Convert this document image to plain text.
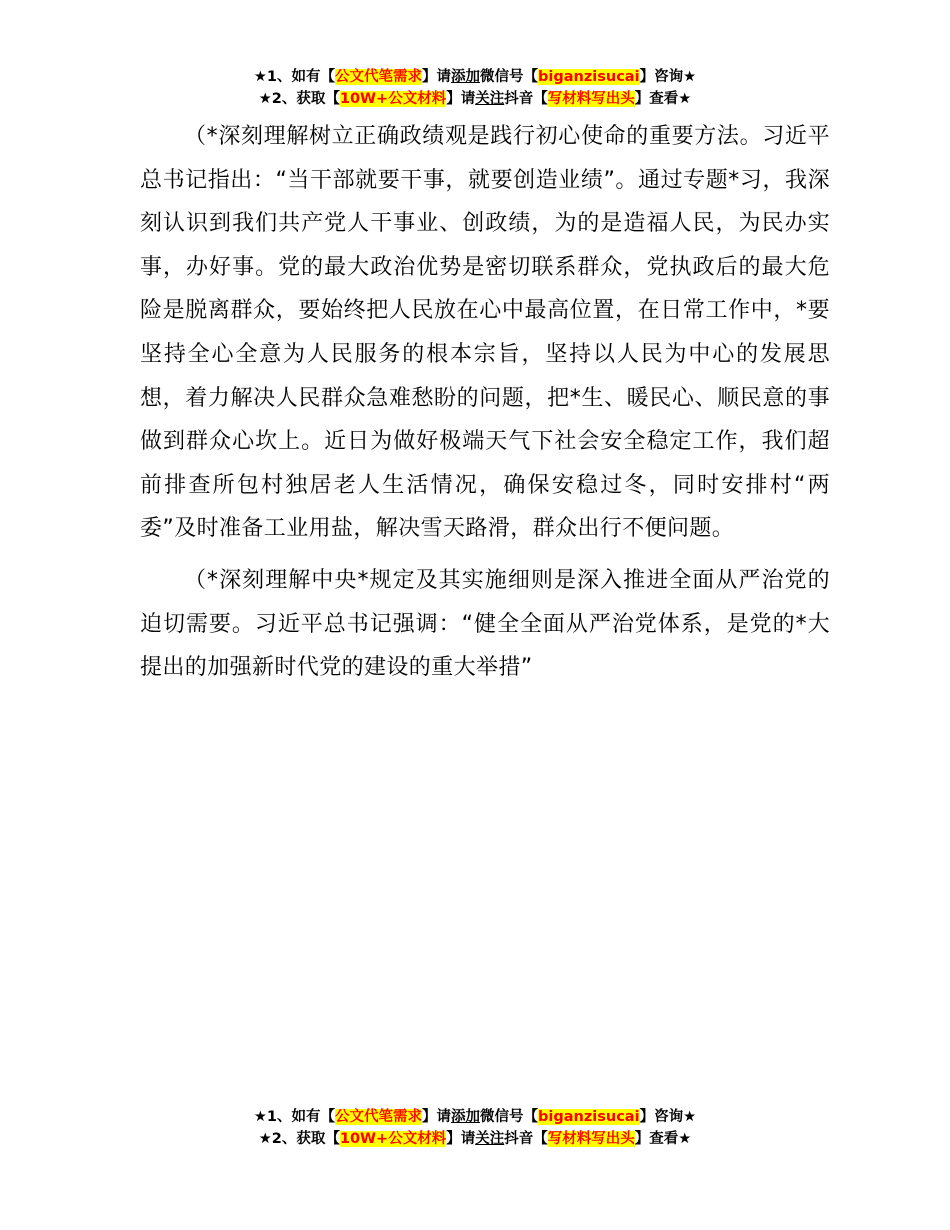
★1、如有【公文代笔需求】请添加微信号【biganzisucai】咨询★
★2、获取【10W+公文材料】请关注抖音【写材料写出头】查看★

（*深刻理解树立正确政绩观是践行初心使命的重要方法。习近平总书记指出：“当干部就要干事，就要创造业绩”。通过专题*习，我深刻认识到我们共产党人干事业、创政绩，为的是造福人民，为民办实事，办好事。党的最大政治优势是密切联系群众，党执政后的最大危险是脱离群众，要始终把人民放在心中最高位置，在日常工作中，*要坚持全心全意为人民服务的根本宗旨，坚持以人民为中心的发展思想，着力解决人民群众急难愁盼的问题，把*生、暖民心、顺民意的事做到群众心坎上。近日为做好极端天气下社会安全稳定工作，我们超前排查所包村独居老人生活情况，确保安稳过冬，同时安排村“两委”及时准备工业用盐，解决雪天路滑，群众出行不便问题。

（*深刻理解中央*规定及其实施细则是深入推进全面从严治党的迫切需要。习近平总书记强调：“健全全面从严治党体系，是党的*大提出的加强新时代党的建设的重大举措”

★1、如有【公文代笔需求】请添加微信号【biganzisucai】咨询★
★2、获取【10W+公文材料】请关注抖音【写材料写出头】查看★
